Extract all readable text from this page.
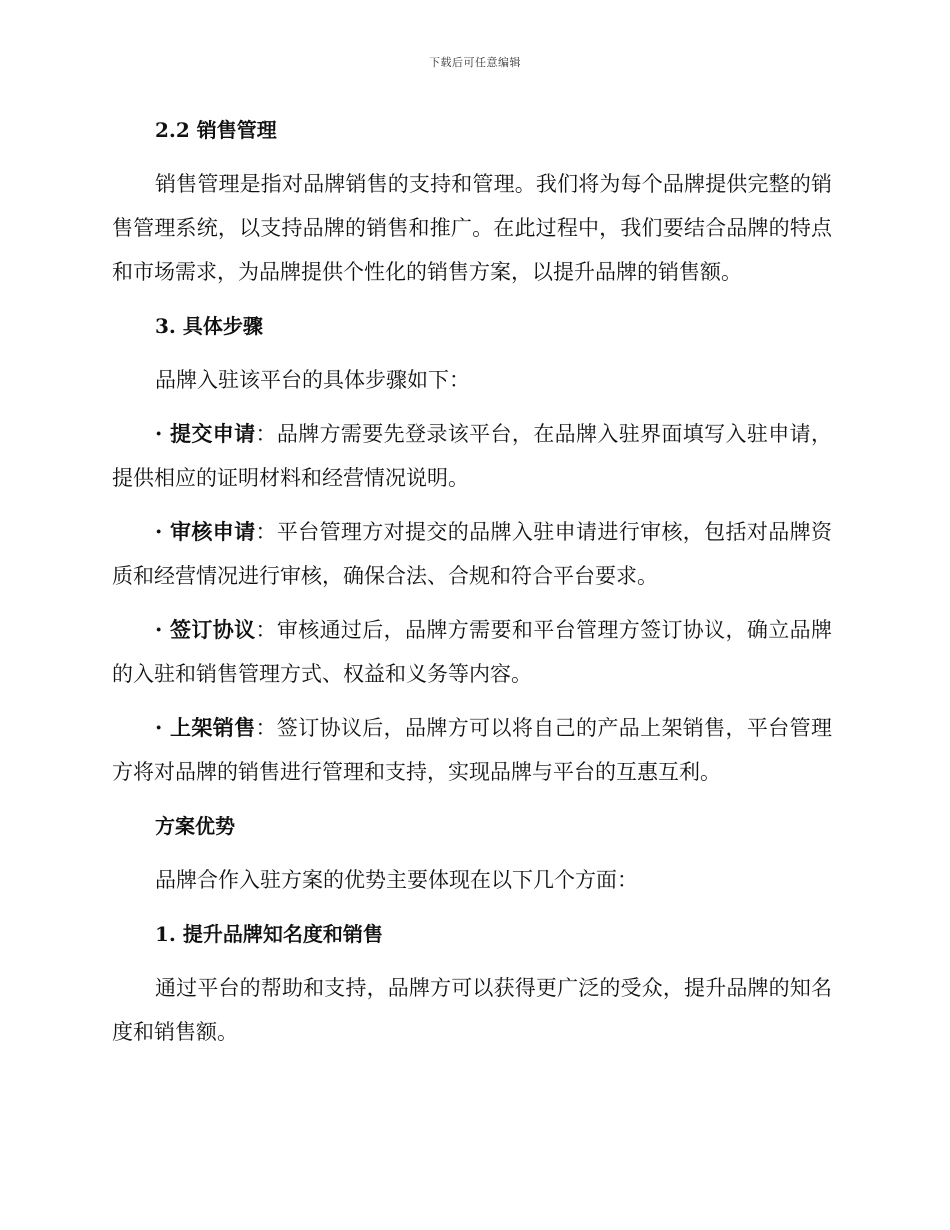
下载后可任意编辑

2.2 销售管理

销售管理是指对品牌销售的支持和管理。我们将为每个品牌提供完整的销售管理系统，以支持品牌的销售和推广。在此过程中，我们要结合品牌的特点和市场需求，为品牌提供个性化的销售方案，以提升品牌的销售额。

3. 具体步骤

品牌入驻该平台的具体步骤如下：

· 提交申请：品牌方需要先登录该平台，在品牌入驻界面填写入驻申请，提供相应的证明材料和经营情况说明。

· 审核申请：平台管理方对提交的品牌入驻申请进行审核，包括对品牌资质和经营情况进行审核，确保合法、合规和符合平台要求。

· 签订协议：审核通过后，品牌方需要和平台管理方签订协议，确立品牌的入驻和销售管理方式、权益和义务等内容。

· 上架销售：签订协议后，品牌方可以将自己的产品上架销售，平台管理方将对品牌的销售进行管理和支持，实现品牌与平台的互惠互利。

方案优势

品牌合作入驻方案的优势主要体现在以下几个方面：

1. 提升品牌知名度和销售

通过平台的帮助和支持，品牌方可以获得更广泛的受众，提升品牌的知名度和销售额。
